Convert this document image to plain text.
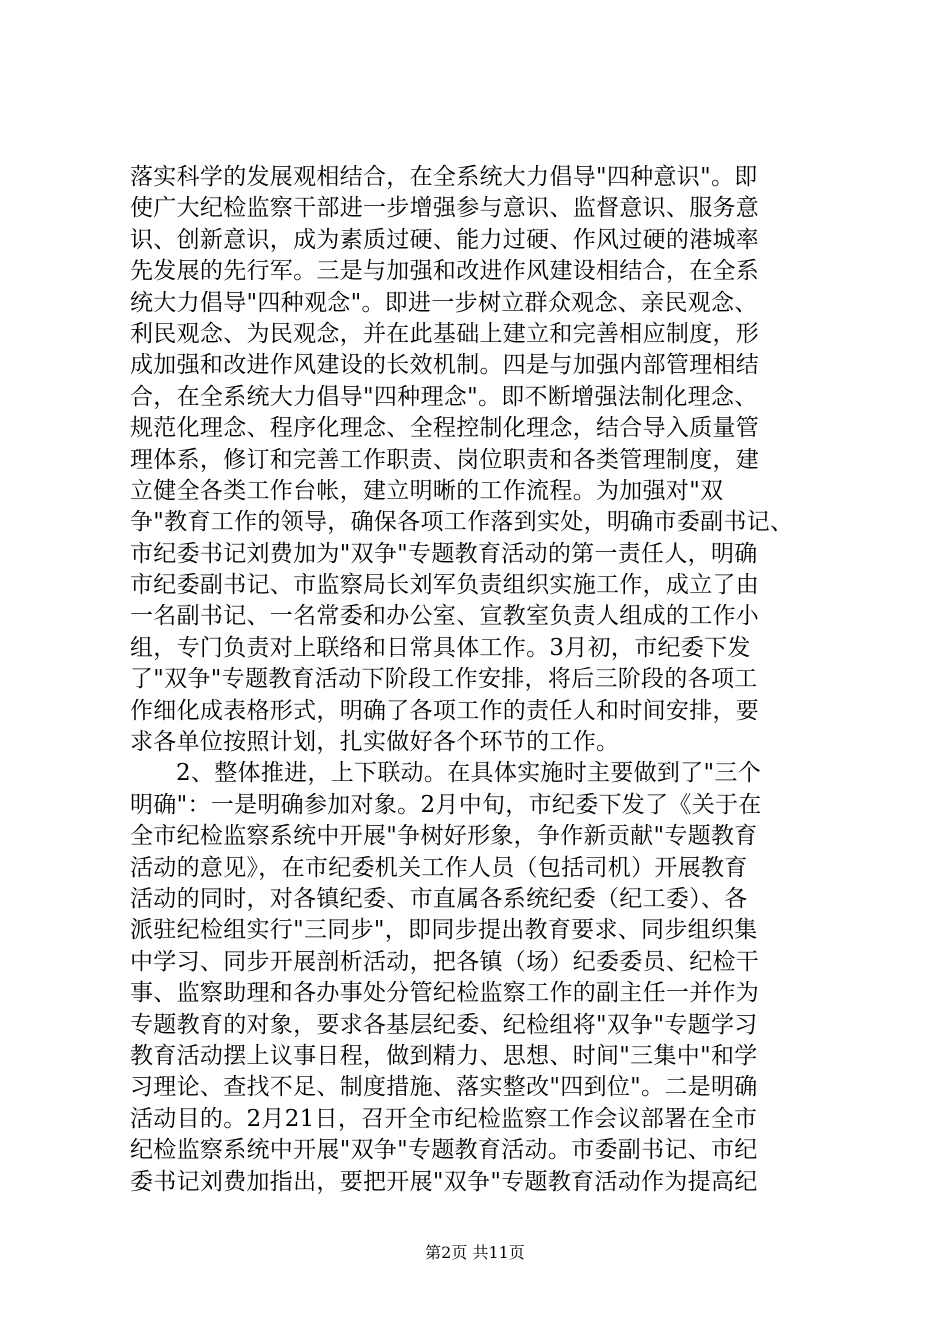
落实科学的发展观相结合，在全系统大力倡导"四种意识"。即
使广大纪检监察干部进一步增强参与意识、监督意识、服务意
识、创新意识，成为素质过硬、能力过硬、作风过硬的港城率
先发展的先行军。三是与加强和改进作风建设相结合，在全系
统大力倡导"四种观念"。即进一步树立群众观念、亲民观念、
利民观念、为民观念，并在此基础上建立和完善相应制度，形
成加强和改进作风建设的长效机制。四是与加强内部管理相结
合，在全系统大力倡导"四种理念"。即不断增强法制化理念、
规范化理念、程序化理念、全程控制化理念，结合导入质量管
理体系，修订和完善工作职责、岗位职责和各类管理制度，建
立健全各类工作台帐，建立明晰的工作流程。为加强对"双
争"教育工作的领导，确保各项工作落到实处，明确市委副书记、
市纪委书记刘费加为"双争"专题教育活动的第一责任人，明确
市纪委副书记、市监察局长刘军负责组织实施工作，成立了由
一名副书记、一名常委和办公室、宣教室负责人组成的工作小
组，专门负责对上联络和日常具体工作。3月初，市纪委下发
了"双争"专题教育活动下阶段工作安排，将后三阶段的各项工
作细化成表格形式，明确了各项工作的责任人和时间安排，要
求各单位按照计划，扎实做好各个环节的工作。
2、整体推进，上下联动。在具体实施时主要做到了"三个
明确"：一是明确参加对象。2月中旬，市纪委下发了《关于在
全市纪检监察系统中开展"争树好形象，争作新贡献"专题教育
活动的意见》，在市纪委机关工作人员（包括司机）开展教育
活动的同时，对各镇纪委、市直属各系统纪委（纪工委）、各
派驻纪检组实行"三同步"，即同步提出教育要求、同步组织集
中学习、同步开展剖析活动，把各镇（场）纪委委员、纪检干
事、监察助理和各办事处分管纪检监察工作的副主任一并作为
专题教育的对象，要求各基层纪委、纪检组将"双争"专题学习
教育活动摆上议事日程，做到精力、思想、时间"三集中"和学
习理论、查找不足、制度措施、落实整改"四到位"。二是明确
活动目的。2月21日，召开全市纪检监察工作会议部署在全市
纪检监察系统中开展"双争"专题教育活动。市委副书记、市纪
委书记刘费加指出，要把开展"双争"专题教育活动作为提高纪
第2页 共11页
